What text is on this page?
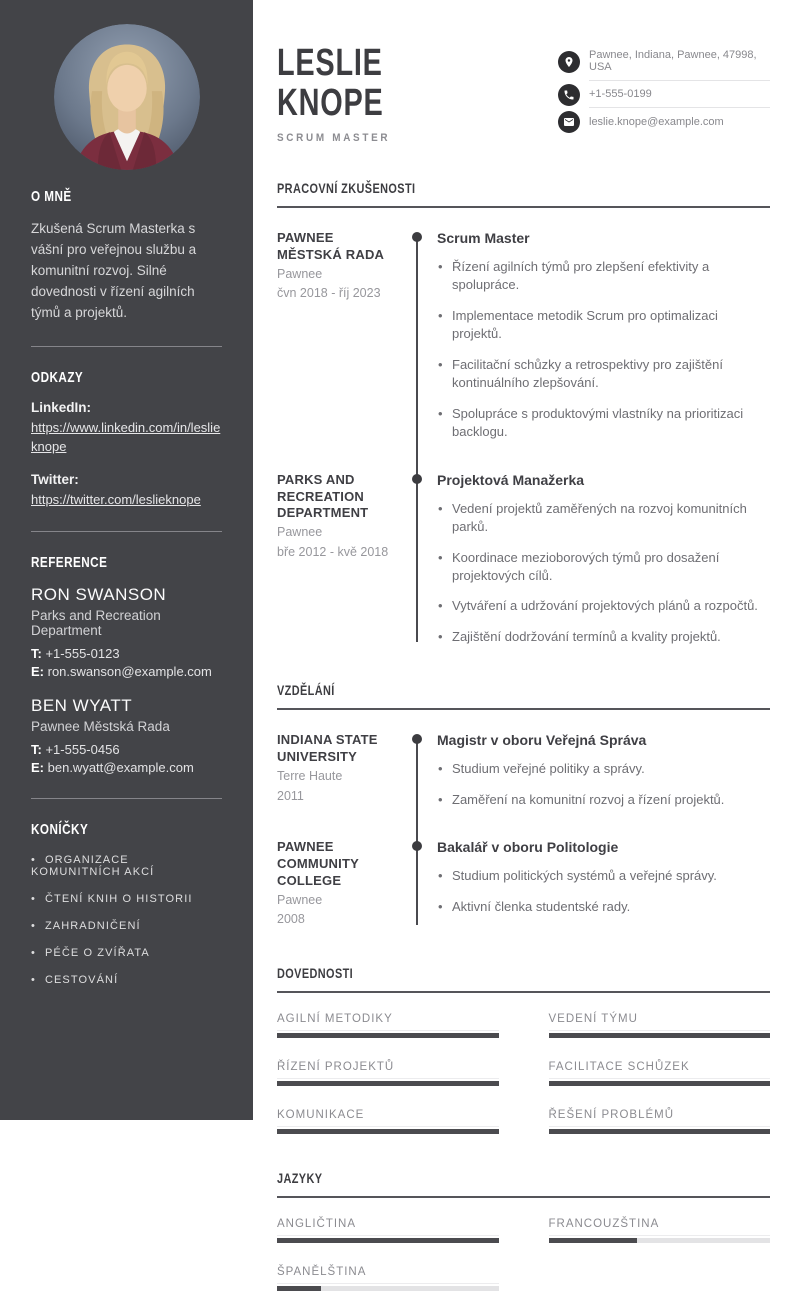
O MNĚ

Zkušená Scrum Masterka s vášní pro veřejnou službu a komunitní rozvoj. Silné dovednosti v řízení agilních týmů a projektů.

ODKAZY
LinkedIn:
https://www.linkedin.com/in/leslieknope
Twitter:
https://twitter.com/leslieknope
REFERENCE
RON SWANSON
Parks and Recreation Department
T: +1-555-0123
E: ron.swanson@example.com
BEN WYATT
Pawnee Městská Rada
T: +1-555-0456
E: ben.wyatt@example.com
KONÍČKY
• ORGANIZACE KOMUNITNÍCH AKCÍ
• ČTENÍ KNIH O HISTORII
• ZAHRADNIČENÍ
• PÉČE O ZVÍŘATA
• CESTOVÁNÍ
LESLIE
KNOPE
SCRUM MASTER
Pawnee, Indiana, Pawnee, 47998, USA
+1-555-0199
leslie.knope@example.com
PRACOVNÍ ZKUŠENOSTI
PAWNEE MĚSTSKÁ RADA
Pawnee
čvn 2018 - říj 2023
Scrum Master
• Řízení agilních týmů pro zlepšení efektivity a spolupráce.
• Implementace metodik Scrum pro optimalizaci projektů.
• Facilitační schůzky a retrospektivy pro zajištění kontinuálního zlepšování.
• Spolupráce s produktovými vlastníky na prioritizaci backlogu.
PARKS AND RECREATION DEPARTMENT
Pawnee
bře 2012 - kvě 2018
Projektová Manažerka
• Vedení projektů zaměřených na rozvoj komunitních parků.
• Koordinace mezioborových týmů pro dosažení projektových cílů.
• Vytváření a udržování projektových plánů a rozpočtů.
• Zajištění dodržování termínů a kvality projektů.
VZDĚLÁNÍ
INDIANA STATE UNIVERSITY
Terre Haute
2011
Magistr v oboru Veřejná Správa
• Studium veřejné politiky a správy.
• Zaměření na komunitní rozvoj a řízení projektů.
PAWNEE COMMUNITY COLLEGE
Pawnee
2008
Bakalář v oboru Politologie
• Studium politických systémů a veřejné správy.
• Aktivní členka studentské rady.
DOVEDNOSTI
AGILNÍ METODIKY	VEDENÍ TÝMU
ŘÍZENÍ PROJEKTŮ	FACILITACE SCHŮZEK
KOMUNIKACE	ŘEŠENÍ PROBLÉMŮ
JAZYKY
ANGLIČTINA	FRANCOUZŠTINA
ŠPANĚLŠTINA
